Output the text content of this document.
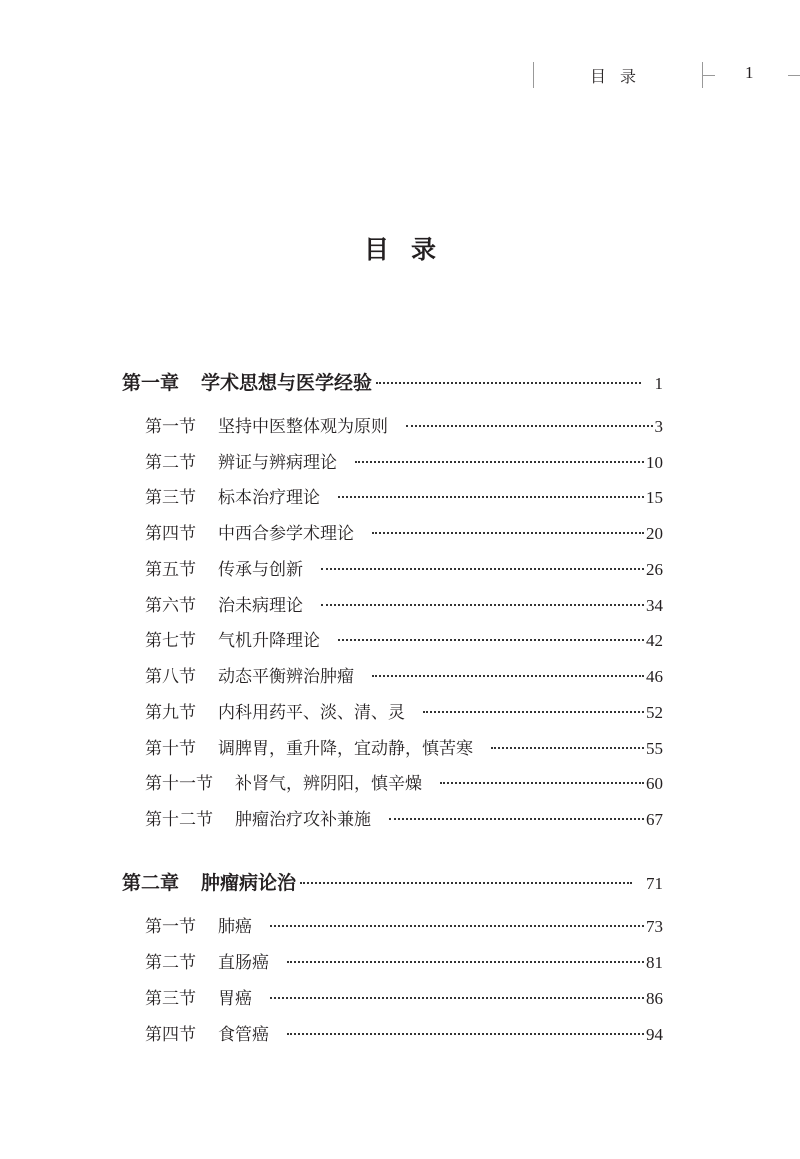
目录	1
目录
第一章 学术思想与医学经验	1
第一节 坚持中医整体观为原则	3
第二节 辨证与辨病理论	10
第三节 标本治疗理论	15
第四节 中西合参学术理论	20
第五节 传承与创新	26
第六节 治未病理论	34
第七节 气机升降理论	42
第八节 动态平衡辨治肿瘤	46
第九节 内科用药平、淡、清、灵	52
第十节 调脾胃，重升降，宜动静，慎苦寒	55
第十一节 补肾气，辨阴阳，慎辛燥	60
第十二节 肿瘤治疗攻补兼施	67
第二章 肿瘤病论治	71
第一节 肺癌	73
第二节 直肠癌	81
第三节 胃癌	86
第四节 食管癌	94
